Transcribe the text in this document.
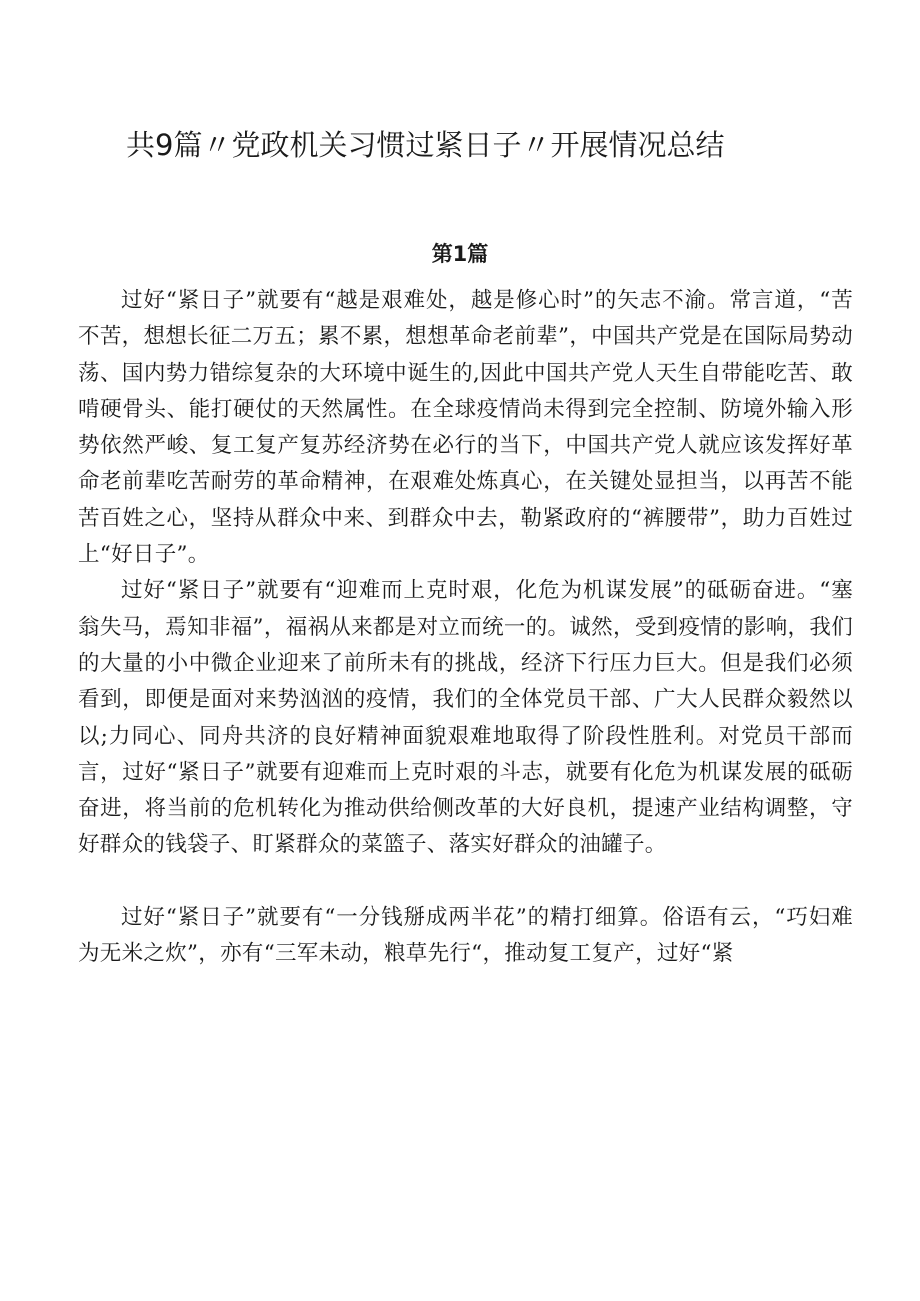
共9篇〃党政机关习惯过紧日子〃开展情况总结
第1篇

过好“紧日子”就要有“越是艰难处，越是修心时”的矢志不渝。常言道，“苦不苦，想想长征二万五；累不累，想想革命老前辈”，中国共产党是在国际局势动荡、国内势力错综复杂的大环境中诞生的,因此中国共产党人天生自带能吃苦、敢啃硬骨头、能打硬仗的天然属性。在全球疫情尚未得到完全控制、防境外输入形势依然严峻、复工复产复苏经济势在必行的当下，中国共产党人就应该发挥好革命老前辈吃苦耐劳的革命精神，在艰难处炼真心，在关键处显担当，以再苦不能苦百姓之心，坚持从群众中来、到群众中去，勒紧政府的“裤腰带”，助力百姓过上“好日子”。

过好“紧日子”就要有“迎难而上克时艰，化危为机谋发展”的砥砺奋进。“塞翁失马，焉知非福”，福祸从来都是对立而统一的。诚然，受到疫情的影响，我们的大量的小中微企业迎来了前所未有的挑战，经济下行压力巨大。但是我们必须看到，即便是面对来势汹汹的疫情，我们的全体党员干部、广大人民群众毅然以以;力同心、同舟共济的良好精神面貌艰难地取得了阶段性胜利。对党员干部而言，过好“紧日子”就要有迎难而上克时艰的斗志，就要有化危为机谋发展的砥砺奋进，将当前的危机转化为推动供给侧改革的大好良机，提速产业结构调整，守好群众的钱袋子、盯紧群众的菜篮子、落实好群众的油罐子。

过好“紧日子”就要有“一分钱掰成两半花”的精打细算。俗语有云，“巧妇难为无米之炊”，亦有“三军未动，粮草先行“，推动复工复产，过好“紧
